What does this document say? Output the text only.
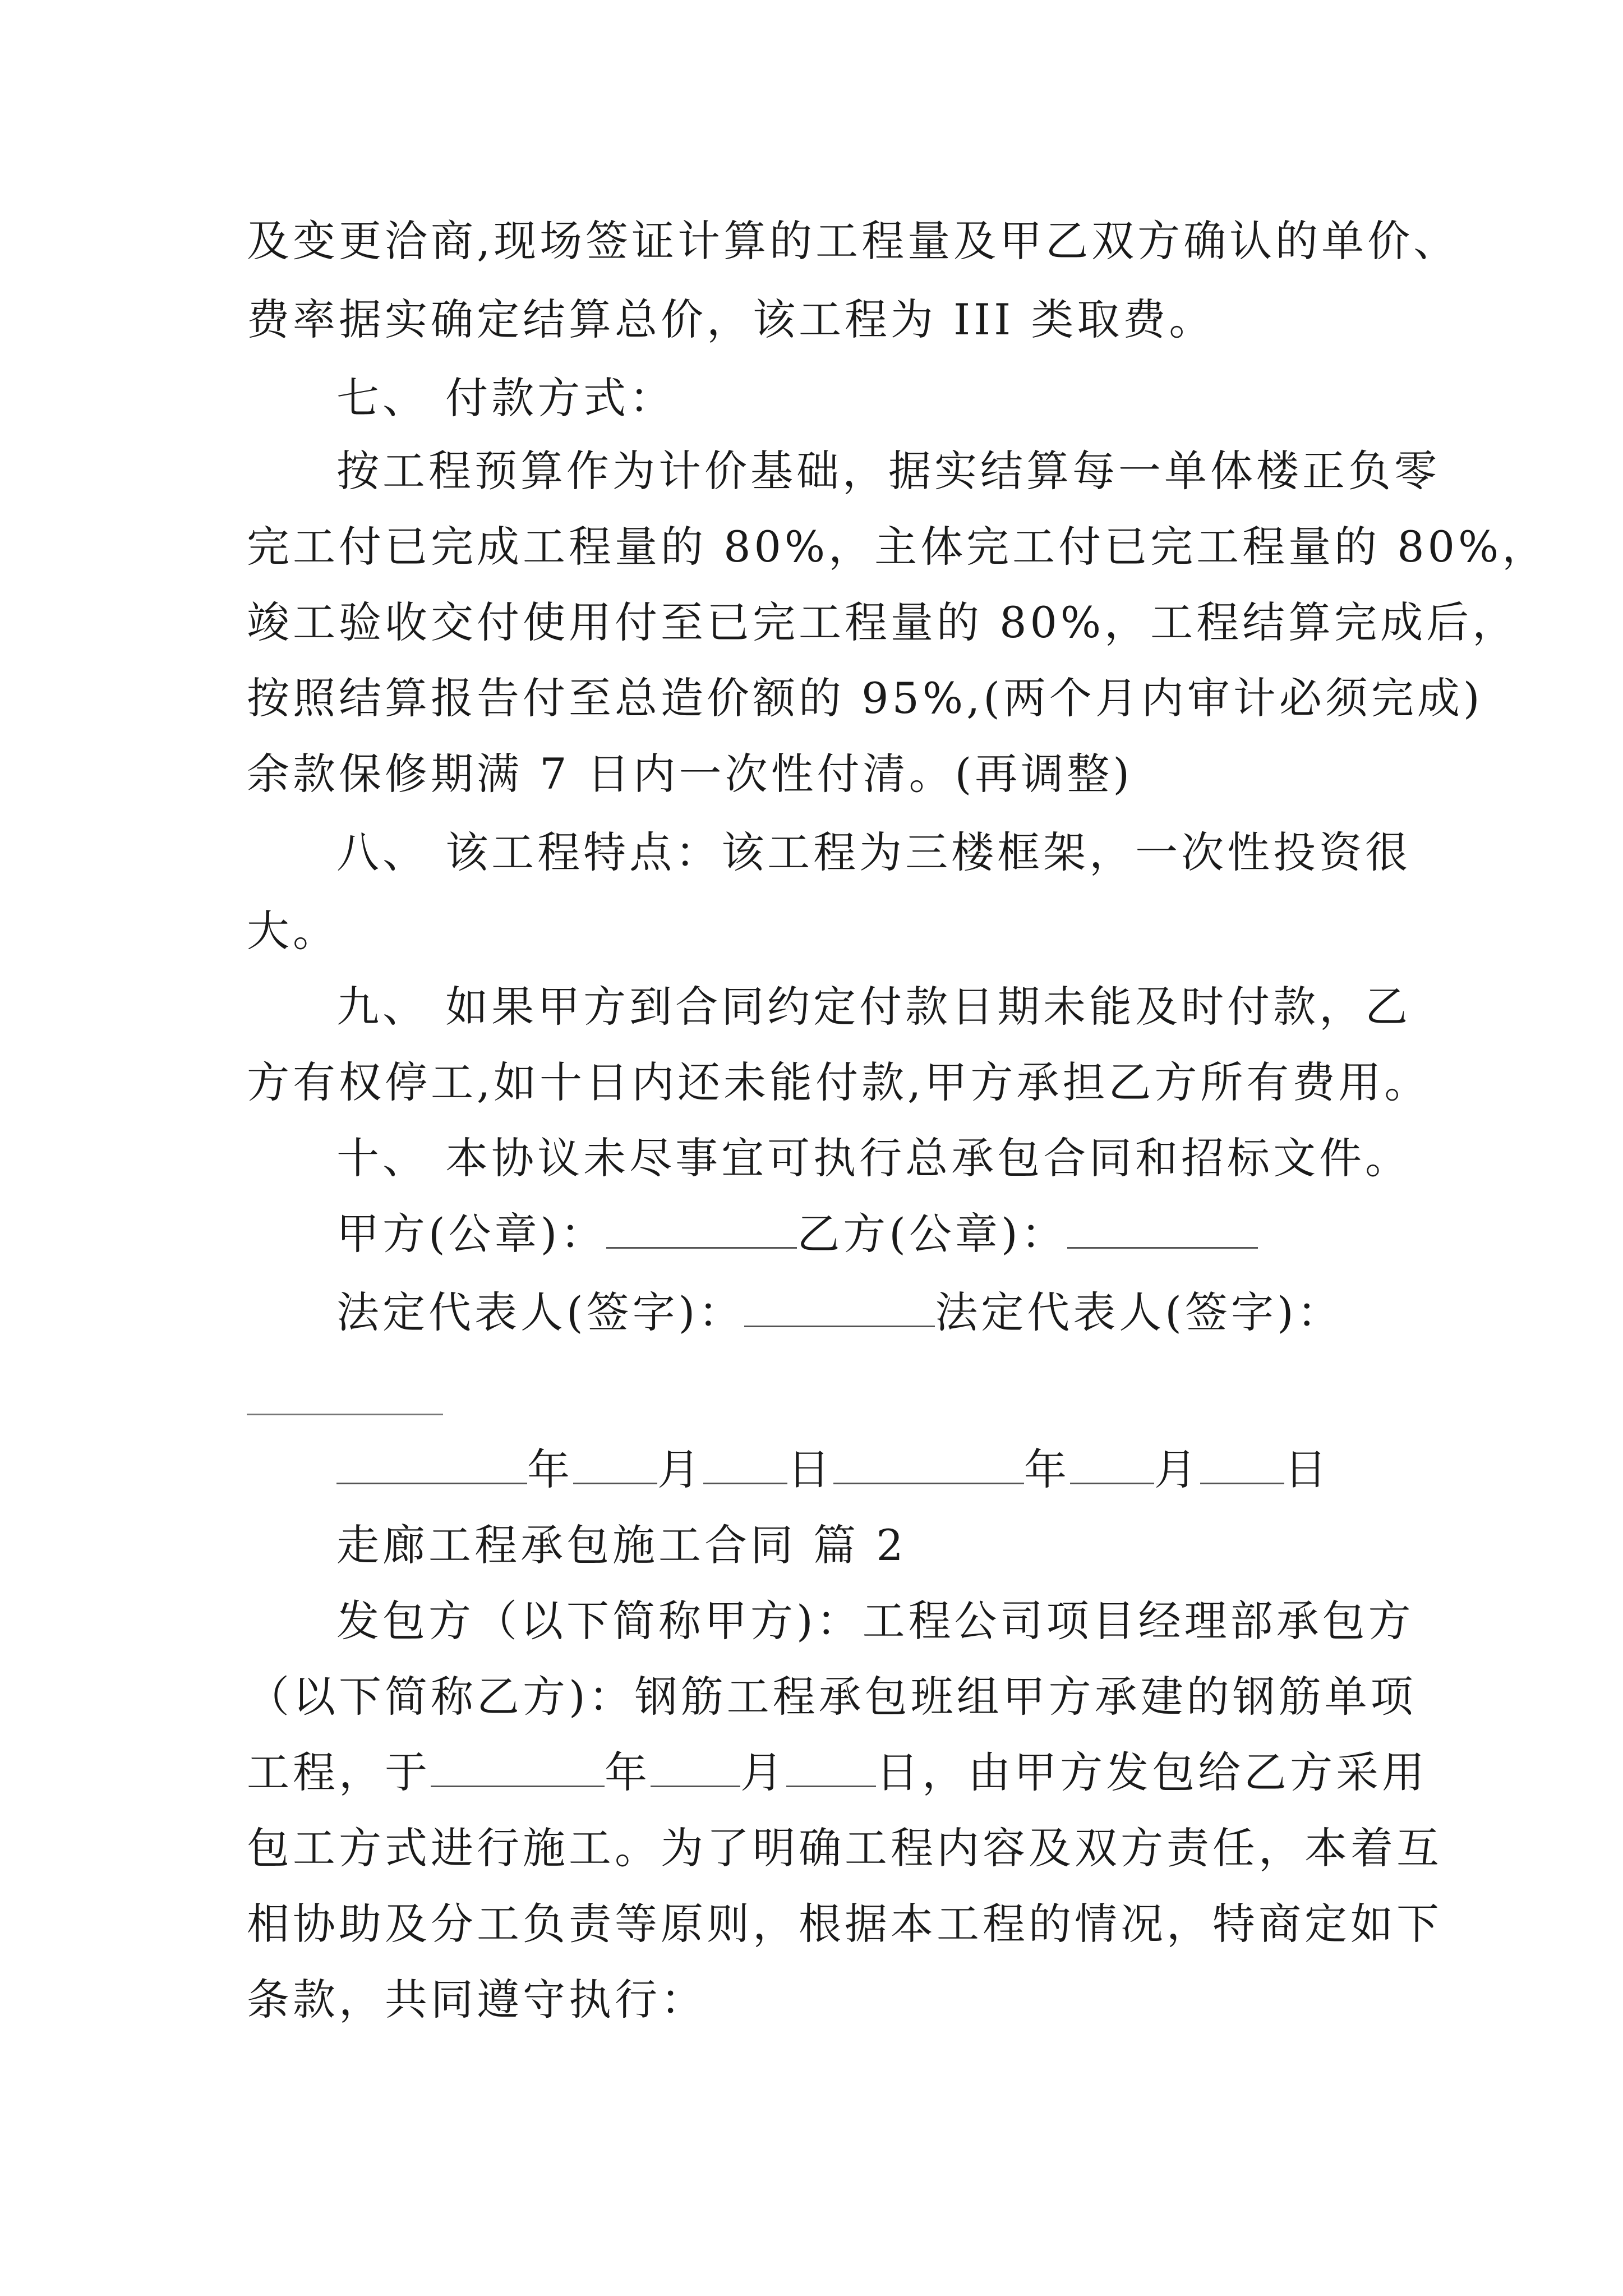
及变更洽商,现场签证计算的工程量及甲乙双方确认的单价、
费率据实确定结算总价，该工程为 III 类取费。
七、 付款方式：
按工程预算作为计价基础，据实结算每一单体楼正负零
完工付已完成工程量的 80%，主体完工付已完工程量的 80%，
竣工验收交付使用付至已完工程量的 80%，工程结算完成后，
按照结算报告付至总造价额的 95%,(两个月内审计必须完成)
余款保修期满 7 日内一次性付清。(再调整)
八、 该工程特点：该工程为三楼框架，一次性投资很
大。
九、 如果甲方到合同约定付款日期未能及时付款，乙
方有权停工,如十日内还未能付款,甲方承担乙方所有费用。
十、 本协议未尽事宜可执行总承包合同和招标文件。
甲方(公章)：	乙方(公章)：
法定代表人(签字)：	法定代表人(签字)：
年 月 日	年 月 日
走廊工程承包施工合同 篇 2
发包方（以下简称甲方)：工程公司项目经理部承包方
（以下简称乙方)：钢筋工程承包班组甲方承建的钢筋单项
工程，于	年 月 日，由甲方发包给乙方采用
包工方式进行施工。为了明确工程内容及双方责任，本着互
相协助及分工负责等原则，根据本工程的情况，特商定如下
条款，共同遵守执行：
